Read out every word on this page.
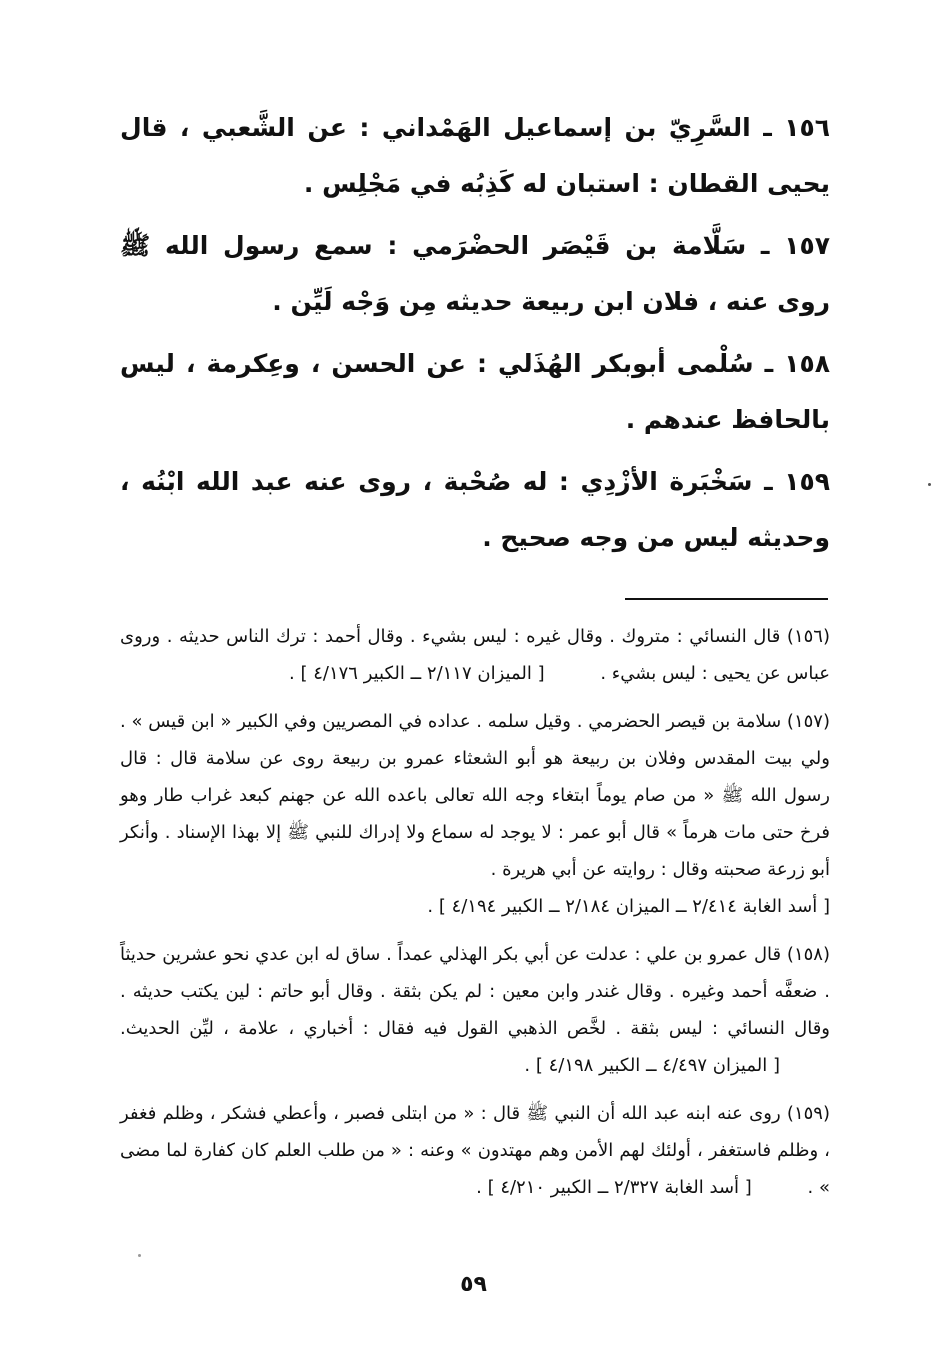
١٥٦ ـ السَّرِيّ بن إسماعيل الهَمْداني : عن الشَّعبي ، قال يحيى القطان : استبان له كَذِبُه في مَجْلِس .

١٥٧ ـ سَلَّامة بن قَيْصَر الحضْرَمي : سمع رسول الله ﷺ روى عنه ، فلان ابن ربيعة حديثه مِن وَجْه لَيِّن .

١٥٨ ـ سُلْمى أبوبكر الهُذَلي : عن الحسن ، وعِكرمة ، ليس بالحافظ عندهم .

١٥٩ ـ سَخْبَرة الأزْدِي : له صُحْبة ، روى عنه عبد الله ابْنُه ، وحديثه ليس من وجه صحيح .

(١٥٦) قال النسائي : متروك . وقال غيره : ليس بشيء . وقال أحمد : ترك الناس حديثه . وروى عباس عن يحيى : ليس بشيء . [ الميزان ٢/١١٧ ــ الكبير ٤/١٧٦ ] .

(١٥٧) سلامة بن قيصر الحضرمي . وقيل سلمه . عداده في المصريين وفي الكبير « ابن قيس » . ولي بيت المقدس وفلان بن ربيعة هو أبو الشعثاء عمرو بن ربيعة روى عن سلامة قال : قال رسول الله ﷺ « من صام يوماً ابتغاء وجه الله تعالى باعده الله عن جهنم كبعد غراب طار وهو فرخ حتى مات هرماً » قال أبو عمر : لا يوجد له سماع ولا إدراك للنبي ﷺ إلا بهذا الإسناد . وأنكر أبو زرعة صحبته وقال : روايته عن أبي هريرة .
[ أسد الغابة ٢/٤١٤ ــ الميزان ٢/١٨٤ ــ الكبير ٤/١٩٤ ] .

(١٥٨) قال عمرو بن علي : عدلت عن أبي بكر الهذلي عمداً . ساق له ابن عدي نحو عشرين حديثاً . ضعفَّه أحمد وغيره . وقال غندر وابن معين : لم يكن بثقة . وقال أبو حاتم : لين يكتب حديثه . وقال النسائي : ليس بثقة . لخَّص الذهبي القول فيه فقال : أخباري ، علامة ، ليِّن الحديث. [ الميزان ٤/٤٩٧ ــ الكبير ٤/١٩٨ ] .

(١٥٩) روى عنه ابنه عبد الله أن النبي ﷺ قال : « من ابتلى فصبر ، وأعطي فشكر ، وظلم فغفر ، وظلم فاستغفر ، أولئك لهم الأمن وهم مهتدون » وعنه : « من طلب العلم كان كفارة لما مضى » . [ أسد الغابة ٢/٣٢٧ ــ الكبير ٤/٢١٠ ] .

٥٩
